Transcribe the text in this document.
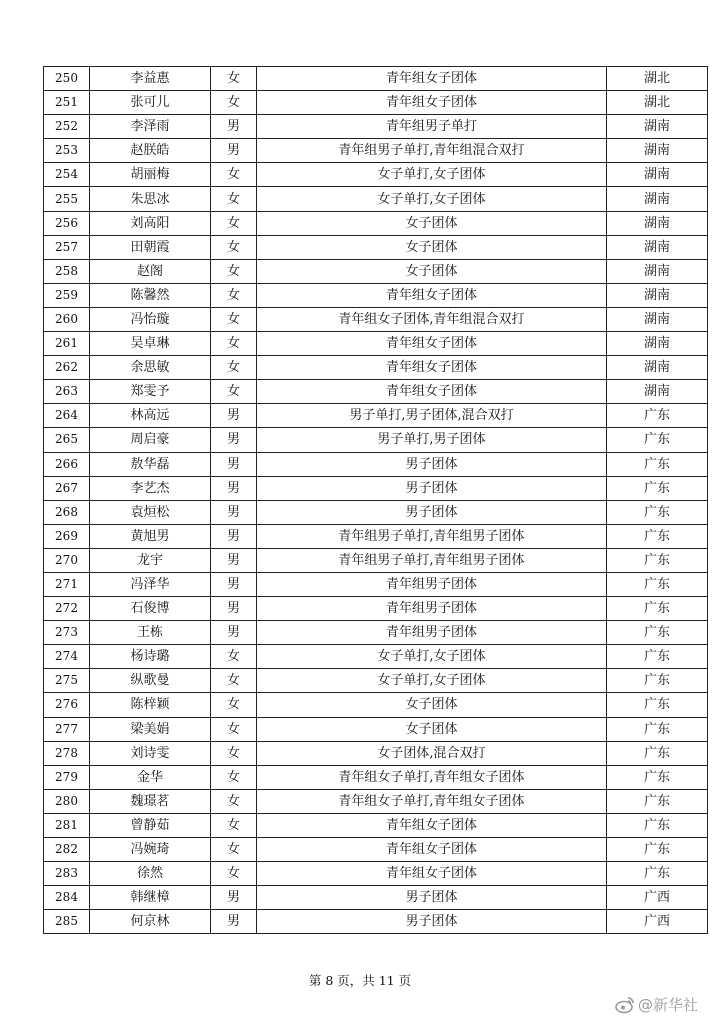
250	李益惠	女	青年组女子团体	湖北
251	张可儿	女	青年组女子团体	湖北
252	李泽雨	男	青年组男子单打	湖南
253	赵朕皓	男	青年组男子单打,青年组混合双打	湖南
254	胡丽梅	女	女子单打,女子团体	湖南
255	朱思冰	女	女子单打,女子团体	湖南
256	刘高阳	女	女子团体	湖南
257	田朝霞	女	女子团体	湖南
258	赵阁	女	女子团体	湖南
259	陈馨然	女	青年组女子团体	湖南
260	冯怡璇	女	青年组女子团体,青年组混合双打	湖南
261	吴卓琳	女	青年组女子团体	湖南
262	余思敏	女	青年组女子团体	湖南
263	郑雯予	女	青年组女子团体	湖南
264	林高远	男	男子单打,男子团体,混合双打	广东
265	周启豪	男	男子单打,男子团体	广东
266	敖华磊	男	男子团体	广东
267	李艺杰	男	男子团体	广东
268	袁烜松	男	男子团体	广东
269	黄旭男	男	青年组男子单打,青年组男子团体	广东
270	龙宇	男	青年组男子单打,青年组男子团体	广东
271	冯泽华	男	青年组男子团体	广东
272	石俊博	男	青年组男子团体	广东
273	王栋	男	青年组男子团体	广东
274	杨诗璐	女	女子单打,女子团体	广东
275	纵歌曼	女	女子单打,女子团体	广东
276	陈梓颖	女	女子团体	广东
277	梁美娟	女	女子团体	广东
278	刘诗雯	女	女子团体,混合双打	广东
279	金华	女	青年组女子单打,青年组女子团体	广东
280	魏璟茗	女	青年组女子单打,青年组女子团体	广东
281	曾静茹	女	青年组女子团体	广东
282	冯婉琦	女	青年组女子团体	广东
283	徐然	女	青年组女子团体	广东
284	韩继樟	男	男子团体	广西
285	何京林	男	男子团体	广西
第 8 页，共 11 页
@新华社
